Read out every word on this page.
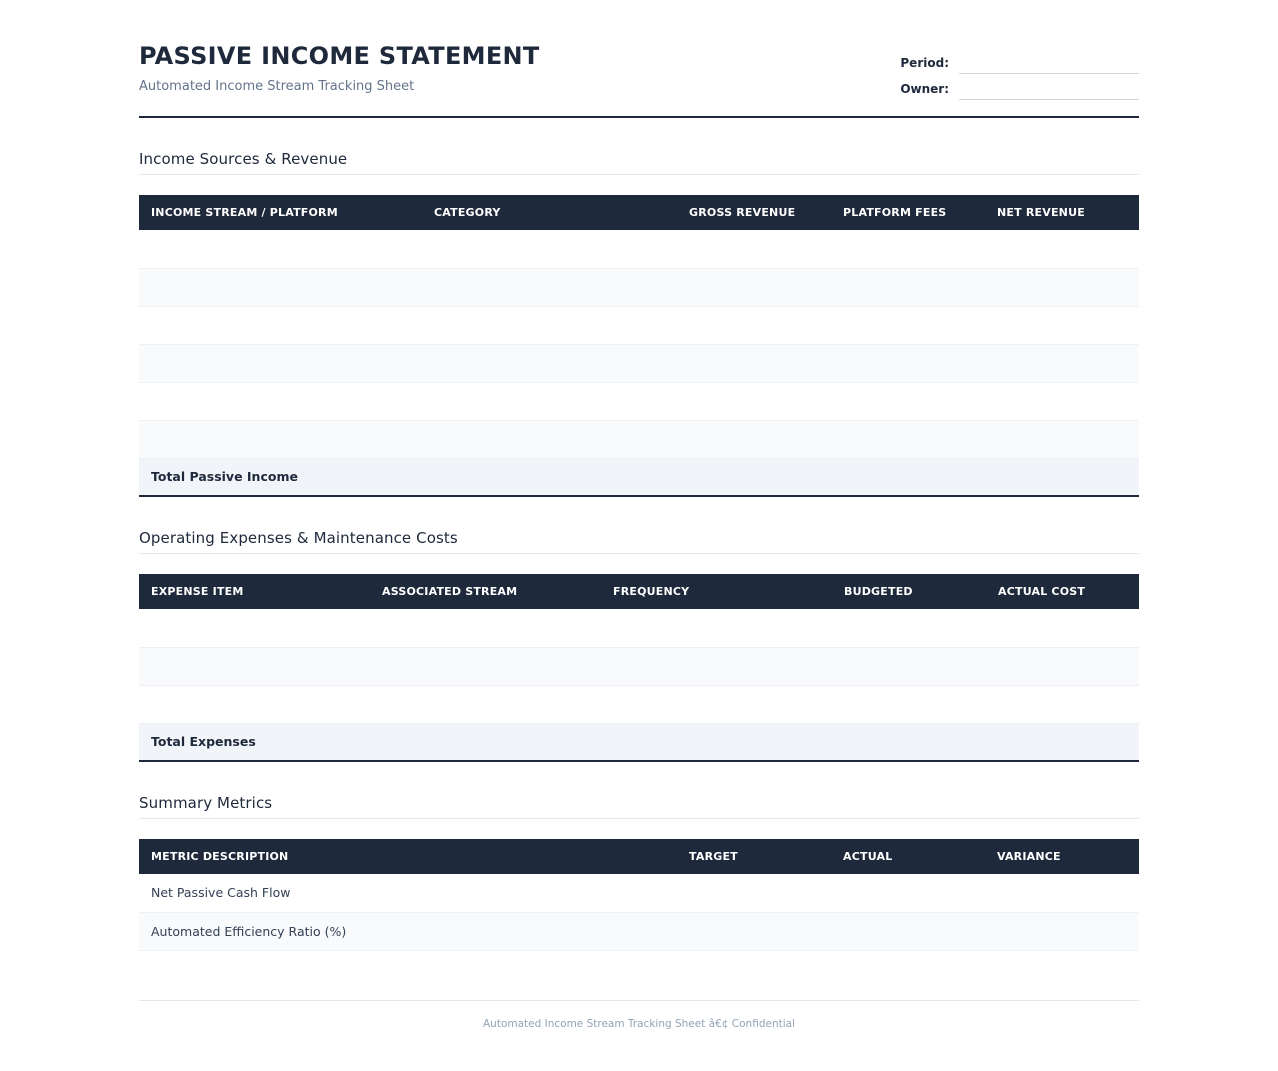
PASSIVE INCOME STATEMENT
Automated Income Stream Tracking Sheet
Period:
Owner:
Income Sources & Revenue
INCOME STREAM / PLATFORM	CATEGORY	GROSS REVENUE	PLATFORM FEES	NET REVENUE

Total Passive Income				
Operating Expenses & Maintenance Costs
EXPENSE ITEM	ASSOCIATED STREAM	FREQUENCY	BUDGETED	ACTUAL COST

Total Expenses				
Summary Metrics
METRIC DESCRIPTION	TARGET	ACTUAL	VARIANCE
Net Passive Cash Flow			
Automated Efficiency Ratio (%)			
Automated Income Stream Tracking Sheet â€¢ Confidential
